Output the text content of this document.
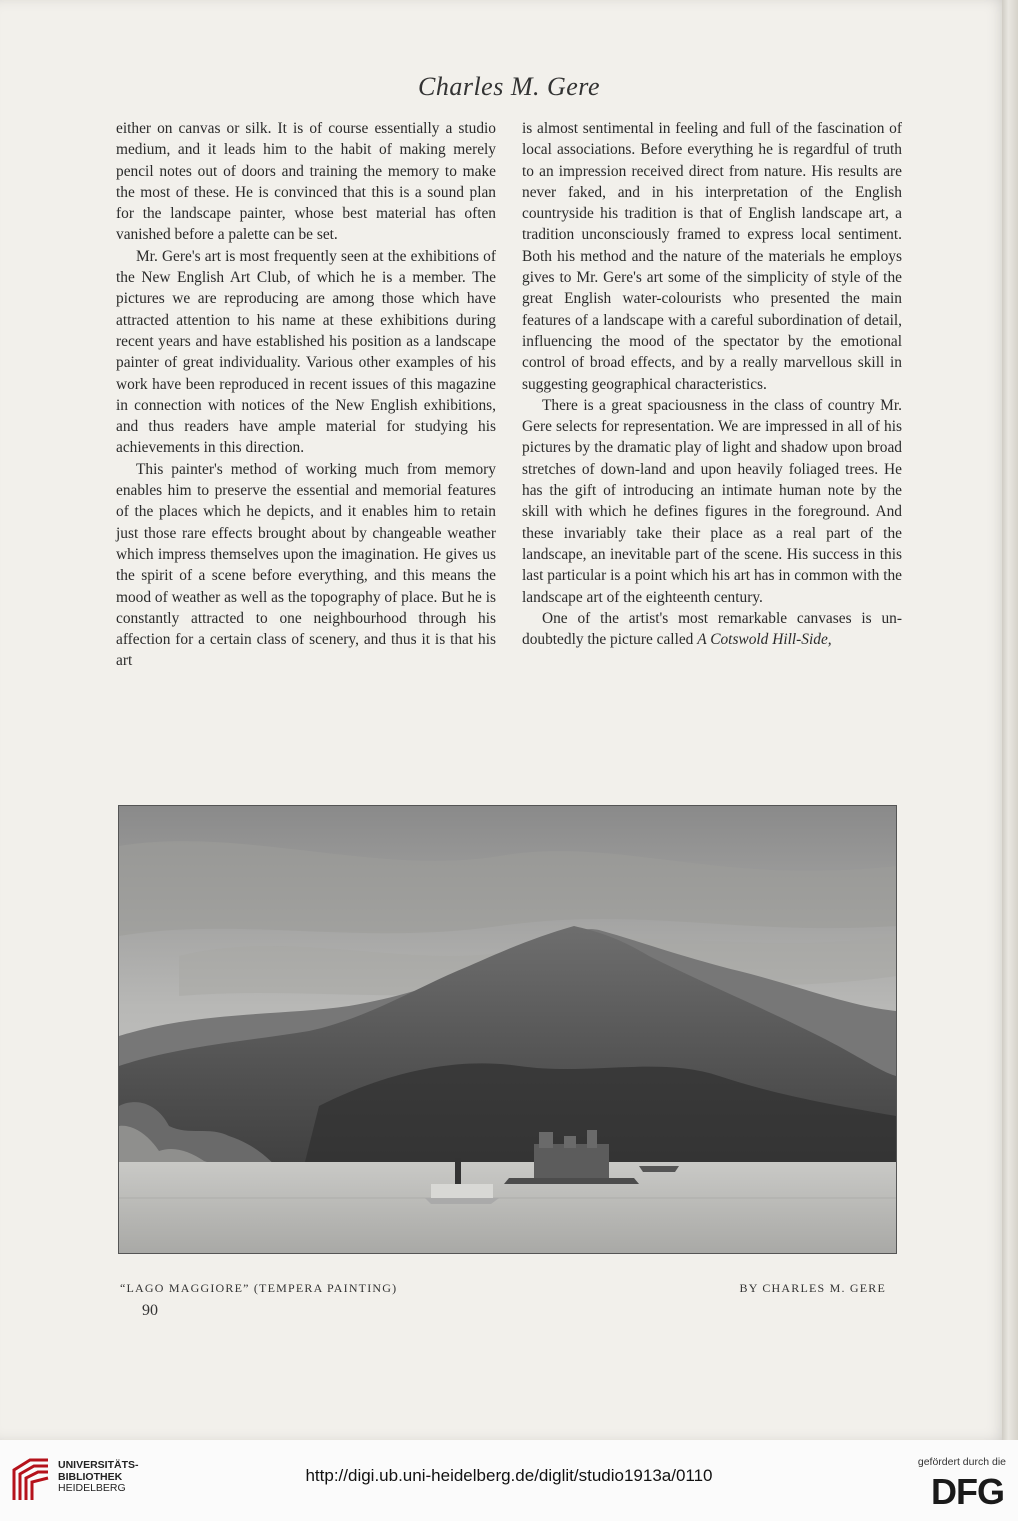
Charles M. Gere

either on canvas or silk. It is of course essentially a studio medium, and it leads him to the habit of making merely pencil notes out of doors and training the memory to make the most of these. He is convinced that this is a sound plan for the landscape painter, whose best material has often vanished before a palette can be set.

Mr. Gere's art is most frequently seen at the exhibitions of the New English Art Club, of which he is a member. The pictures we are reproducing are among those which have attracted attention to his name at these exhibitions during recent years and have established his position as a landscape painter of great individuality. Various other examples of his work have been reproduced in recent issues of this magazine in connection with notices of the New English exhibitions, and thus readers have ample material for studying his achievements in this direction.

This painter's method of working much from memory enables him to preserve the essential and memorial features of the places which he depicts, and it enables him to retain just those rare effects brought about by changeable weather which impress themselves upon the imagination. He gives us the spirit of a scene before everything, and this means the mood of weather as well as the topography of place. But he is constantly attracted to one neighbourhood through his affection for a certain class of scenery, and thus it is that his art

is almost sentimental in feeling and full of the fascination of local associations. Before everything he is regardful of truth to an impression received direct from nature. His results are never faked, and in his interpretation of the English countryside his tradition is that of English landscape art, a tradition unconsciously framed to express local sentiment. Both his method and the nature of the materials he employs gives to Mr. Gere's art some of the simplicity of style of the great English water-colourists who presented the main features of a landscape with a careful subordination of detail, influencing the mood of the spectator by the emotional control of broad effects, and by a really marvellous skill in suggesting geographical characteristics.

There is a great spaciousness in the class of country Mr. Gere selects for representation. We are impressed in all of his pictures by the dramatic play of light and shadow upon broad stretches of down-land and upon heavily foliaged trees. He has the gift of introducing an intimate human note by the skill with which he defines figures in the foreground. And these invariably take their place as a real part of the landscape, an inevitable part of the scene. His success in this last particular is a point which his art has in common with the landscape art of the eighteenth century.

One of the artist's most remarkable canvases is undoubtedly the picture called A Cotswold Hill-Side,

“LAGO MAGGIORE” (TEMPERA PAINTING)	BY CHARLES M. GERE
90
UNIVERSITÄTS-
BIBLIOTHEK
HEIDELBERG
http://digi.ub.uni-heidelberg.de/diglit/studio1913a/0110
gefördert durch die
DFG
